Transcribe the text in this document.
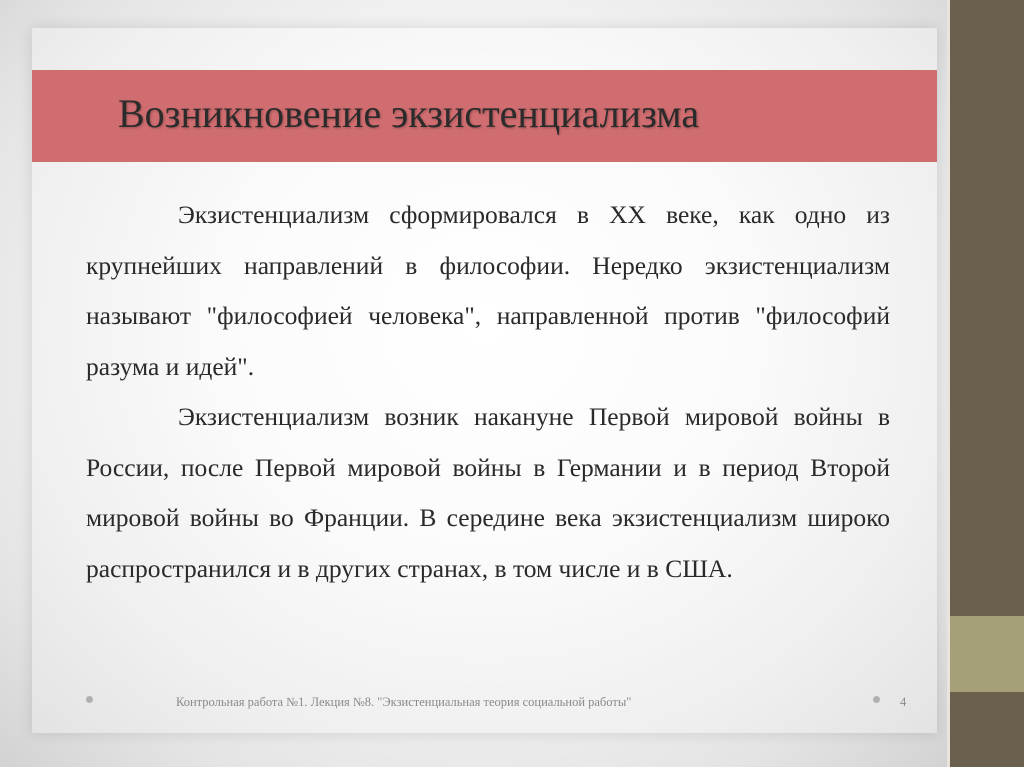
Возникновение экзистенциализма

Экзистенциализм сформировался в XX веке, как одно из крупнейших направлений в философии. Нередко экзистенциализм называют "философией человека", направленной против "философий разума и идей".

Экзистенциализм возник накануне Первой мировой войны в России, после Первой мировой войны в Германии и в период Второй мировой войны во Франции. В середине века экзистенциализм широко распространился и в других странах, в том числе и в США.

Контрольная работа №1. Лекция №8. "Экзистенциальная теория социальной работы"	4
